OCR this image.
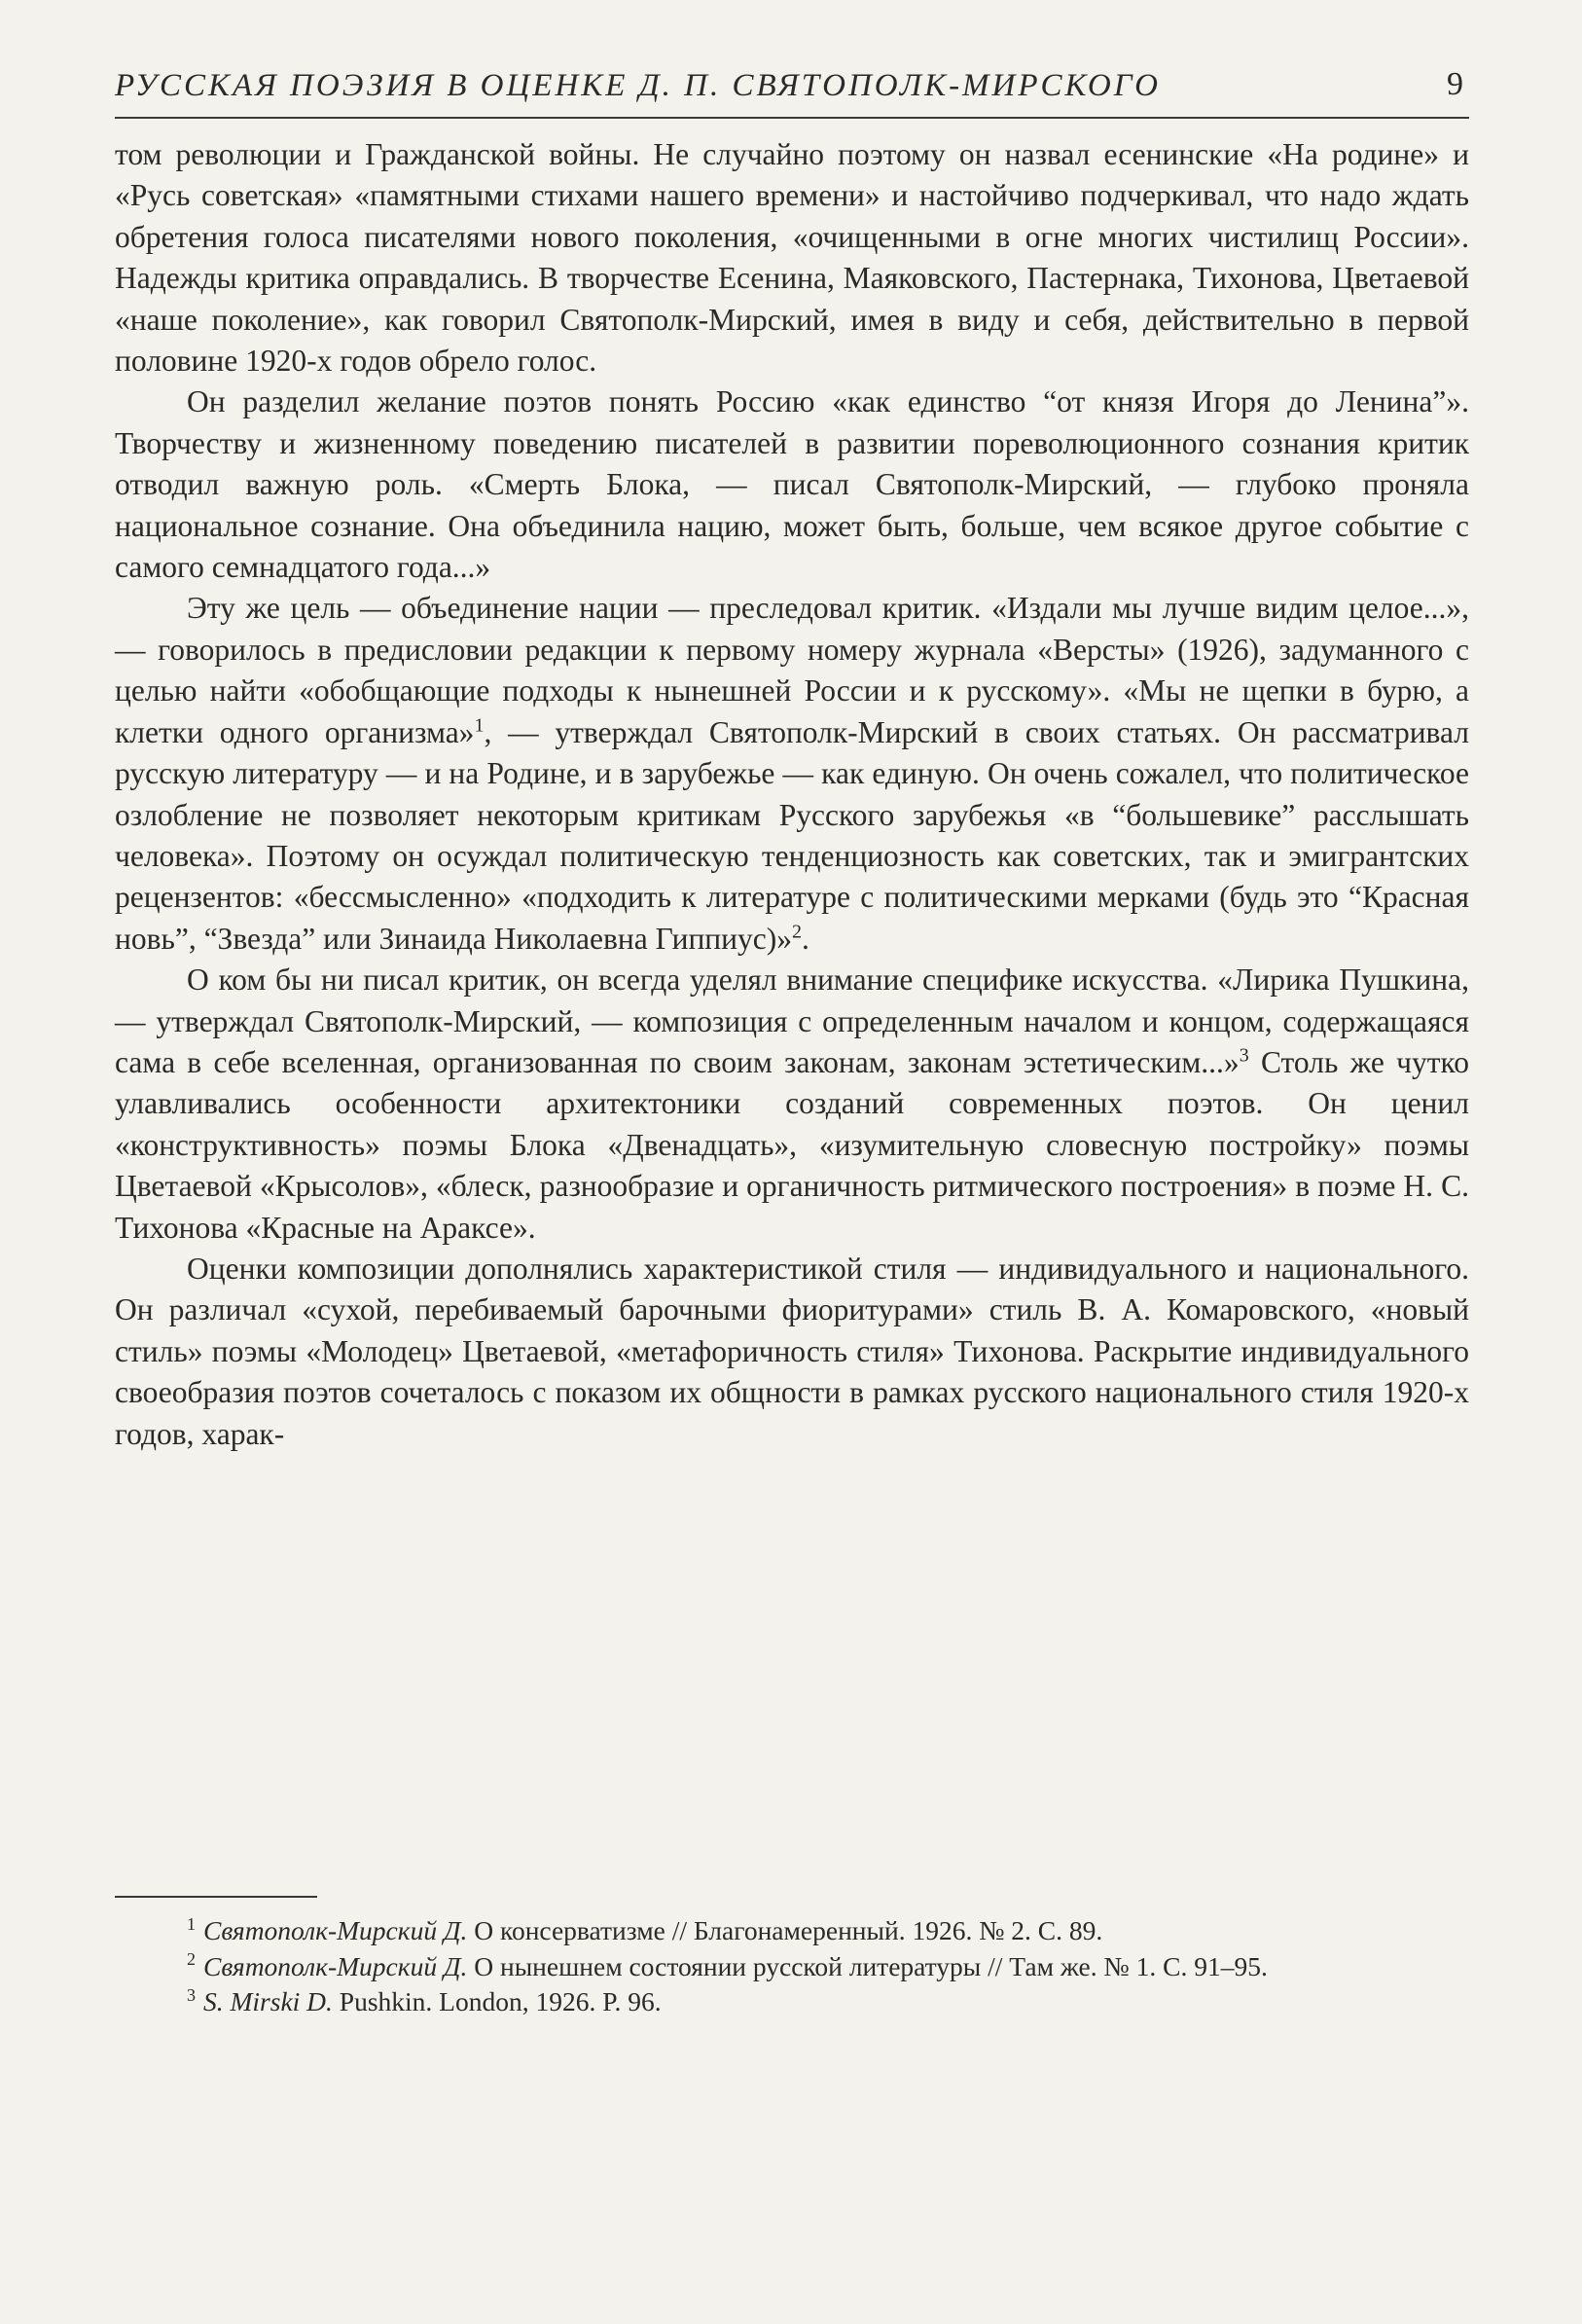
РУССКАЯ ПОЭЗИЯ В ОЦЕНКЕ Д. П. СВЯТОПОЛК-МИРСКОГО	9

том революции и Гражданской войны. Не случайно поэтому он назвал есенинские «На родине» и «Русь советская» «памятными стихами нашего времени» и настойчиво подчеркивал, что надо ждать обретения голоса писателями нового поколения, «очищенными в огне многих чистилищ России». Надежды критика оправдались. В творчестве Есенина, Маяковского, Пастернака, Тихонова, Цветаевой «наше поколение», как говорил Святополк-Мирский, имея в виду и себя, действительно в первой половине 1920-х годов обрело голос.

Он разделил желание поэтов понять Россию «как единство “от князя Игоря до Ленина”». Творчеству и жизненному поведению писателей в развитии пореволюционного сознания критик отводил важную роль. «Смерть Блока, — писал Святополк-Мирский, — глубоко проняла национальное сознание. Она объединила нацию, может быть, больше, чем всякое другое событие с самого семнадцатого года...»

Эту же цель — объединение нации — преследовал критик. «Издали мы лучше видим целое...», — говорилось в предисловии редакции к первому номеру журнала «Версты» (1926), задуманного с целью найти «обобщающие подходы к нынешней России и к русскому». «Мы не щепки в бурю, а клетки одного организма»$^1$, — утверждал Святополк-Мирский в своих статьях. Он рассматривал русскую литературу — и на Родине, и в зарубежье — как единую. Он очень сожалел, что политическое озлобление не позволяет некоторым критикам Русского зарубежья «в “большевике” расслышать человека». Поэтому он осуждал политическую тенденциозность как советских, так и эмигрантских рецензентов: «бессмысленно» «подходить к литературе с политическими мерками (будь это “Красная новь”, “Звезда” или Зинаида Николаевна Гиппиус)»$^2$.

О ком бы ни писал критик, он всегда уделял внимание специфике искусства. «Лирика Пушкина, — утверждал Святополк-Мирский, — композиция с определенным началом и концом, содержащаяся сама в себе вселенная, организованная по своим законам, законам эстетическим...»$^3$ Столь же чутко улавливались особенности архитектоники созданий современных поэтов. Он ценил «конструктивность» поэмы Блока «Двенадцать», «изумительную словесную постройку» поэмы Цветаевой «Крысолов», «блеск, разнообразие и органичность ритмического построения» в поэме Н. С. Тихонова «Красные на Араксе».

Оценки композиции дополнялись характеристикой стиля — индивидуального и национального. Он различал «сухой, перебиваемый барочными фиоритурами» стиль В. А. Комаровского, «новый стиль» поэмы «Молодец» Цветаевой, «метафоричность стиля» Тихонова. Раскрытие индивидуального своеобразия поэтов сочеталось с показом их общности в рамках русского национального стиля 1920-х годов, харак-

$^1$ Святополк-Мирский Д. О консерватизме // Благонамеренный. 1926. № 2. С. 89.

$^2$ Святополк-Мирский Д. О нынешнем состоянии русской литературы // Там же. № 1. С. 91–95.

$^3$ S. Mirski D. Pushkin. London, 1926. P. 96.
